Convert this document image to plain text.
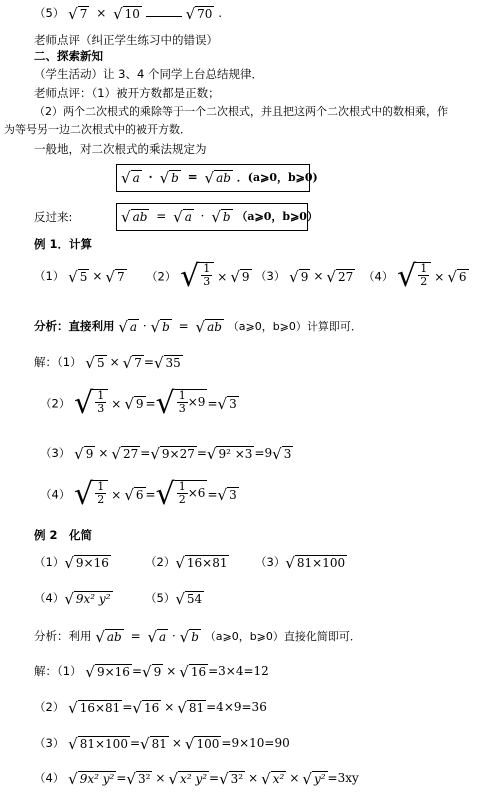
（5） √ 7 × √ 10
	√ 70 .
老师点评（纠正学生练习中的错误）
二、探索新知
（学生活动）让 3、4 个同学上台总结规律．
老师点评：（1）被开方数都是正数；
（2）两个二次根式的乘除等于一个二次根式，并且把这两个二次根式中的数相乘，作
为等号另一边二次根式中的被开方数．
一般地，对二次根式的乘法规定为
√ a · √ b = √ ab ．(a⩾0，b⩾0)
反过来:	√ ab = √ a · √ b （a⩾0，b⩾0）
例 1．计算
（1） √ 5 × √ 7 （2） √ $\frac{1}{3}$ × √ 9 （3） √ 9 × √ 27 （4） √ $\frac{1}{2}$ × √ 6
分析：直接利用 √ a · √ b = √ ab （a⩾0，b⩾0）计算即可．
解：（1） √ 5 × √ 7 = √ 35
（2） √ $\frac{1}{3}$ × √ 9 = √ $\frac{1}{3} \times 9$ = √ 3
（3） √ 9 × √ 27 = √ 9×27 = √ 9² ×3 =9 √ 3
（4） √ $\frac{1}{2}$ × √ 6 = √ $\frac{1}{2} \times 6$ = √ 3
例 2　化简
（1） √ 9×16	（2） √ 16×81 （3） √ 81×100
（4） √ 9x² y²	（5） √ 54
分析：利用 √ ab = √ a · √ b （a⩾0，b⩾0）直接化简即可．
解：（1） √ 9×16 = √ 9 × √ 16 =3×4=12
（2） √ 16×81 = √ 16 × √ 81 =4×9=36
（3） √ 81×100 = √ 81 × √ 100 =9×10=90
（4） √ 9x² y² = √ 3² × √ x² y² = √ 3² × √ x² × √ y² =3xy
